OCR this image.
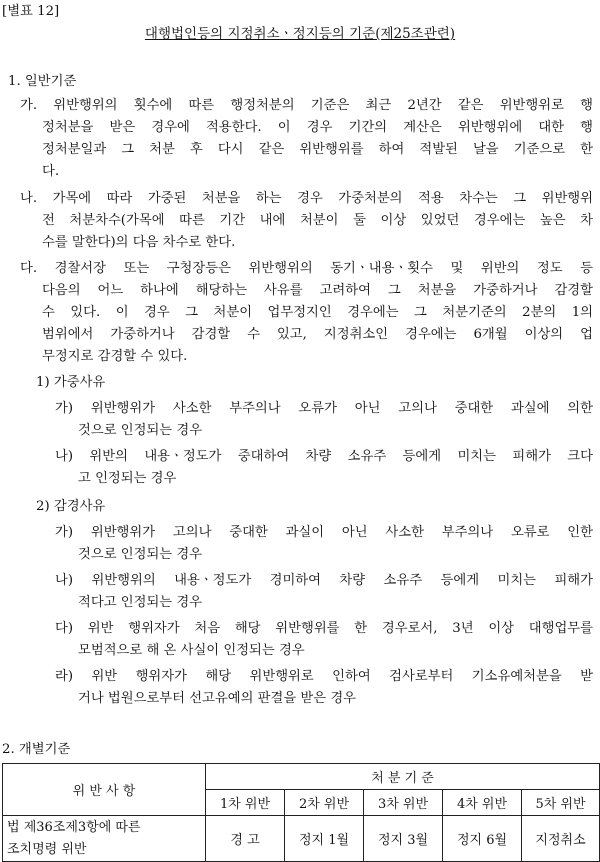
[별표 12]
대행법인등의 지정취소ㆍ정지등의 기준(제25조관련)
1. 일반기준
가. 위반행위의 횟수에 따른 행정처분의 기준은 최근 2년간 같은 위반행위로 행
정처분을 받은 경우에 적용한다. 이 경우 기간의 계산은 위반행위에 대한 행
정처분일과 그 처분 후 다시 같은 위반행위를 하여 적발된 날을 기준으로 한
다.
나. 가목에 따라 가중된 처분을 하는 경우 가중처분의 적용 차수는 그 위반행위
전 처분차수(가목에 따른 기간 내에 처분이 둘 이상 있었던 경우에는 높은 차
수를 말한다)의 다음 차수로 한다.
다. 경찰서장 또는 구청장등은 위반행위의 동기ㆍ내용ㆍ횟수 및 위반의 정도 등
다음의 어느 하나에 해당하는 사유를 고려하여 그 처분을 가중하거나 감경할
수 있다. 이 경우 그 처분이 업무정지인 경우에는 그 처분기준의 2분의 1의
범위에서 가중하거나 감경할 수 있고, 지정취소인 경우에는 6개월 이상의 업
무정지로 감경할 수 있다.
1) 가중사유
가) 위반행위가 사소한 부주의나 오류가 아닌 고의나 중대한 과실에 의한
것으로 인정되는 경우
나) 위반의 내용ㆍ정도가 중대하여 차량 소유주 등에게 미치는 피해가 크다
고 인정되는 경우
2) 감경사유
가) 위반행위가 고의나 중대한 과실이 아닌 사소한 부주의나 오류로 인한
것으로 인정되는 경우
나) 위반행위의 내용ㆍ정도가 경미하여 차량 소유주 등에게 미치는 피해가
적다고 인정되는 경우
다) 위반 행위자가 처음 해당 위반행위를 한 경우로서, 3년 이상 대행업무를
모범적으로 해 온 사실이 인정되는 경우
라) 위반 행위자가 해당 위반행위로 인하여 검사로부터 기소유예처분을 받
거나 법원으로부터 선고유예의 판결을 받은 경우
2. 개별기준
위 반 사 항	처 분 기 준				
	1차 위반	2차 위반	3차 위반	4차 위반	5차 위반

법 제36조제3항에 따른
조치명령 위반	경 고	정지 1월	정지 3월	정지 6월	지정취소
